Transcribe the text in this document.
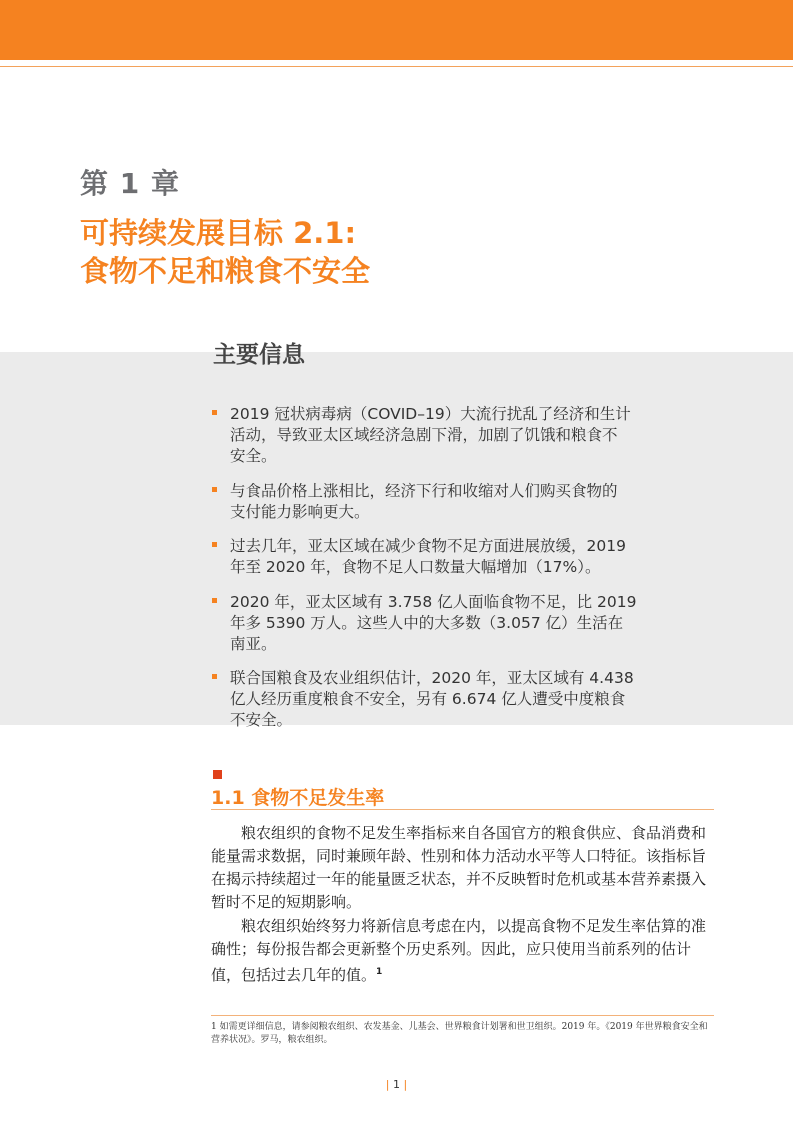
第 1 章
可持续发展目标 2.1:
食物不足和粮食不安全
主要信息
2019 冠状病毒病（COVID–19）大流行扰乱了经济和生计
活动，导致亚太区域经济急剧下滑，加剧了饥饿和粮食不
安全。
与食品价格上涨相比，经济下行和收缩对人们购买食物的
支付能力影响更大。
过去几年，亚太区域在减少食物不足方面进展放缓，2019
年至 2020 年，食物不足人口数量大幅增加（17%）。
2020 年，亚太区域有 3.758 亿人面临食物不足，比 2019
年多 5390 万人。这些人中的大多数（3.057 亿）生活在
南亚。
联合国粮食及农业组织估计，2020 年，亚太区域有 4.438
亿人经历重度粮食不安全，另有 6.674 亿人遭受中度粮食
不安全。
1.1 食物不足发生率

粮农组织的食物不足发生率指标来自各国官方的粮食供应、食品消费和能量需求数据，同时兼顾年龄、性别和体力活动水平等人口特征。该指标旨在揭示持续超过一年的能量匮乏状态，并不反映暂时危机或基本营养素摄入暂时不足的短期影响。

粮农组织始终努力将新信息考虑在内，以提高食物不足发生率估算的准确性；每份报告都会更新整个历史系列。因此，应只使用当前系列的估计值，包括过去几年的值。$^1$

1 如需更详细信息，请参阅粮农组织、农发基金、儿基会、世界粮食计划署和世卫组织。2019 年。《2019 年世界粮食安全和营养状况》。罗马，粮农组织。

| 1 |
